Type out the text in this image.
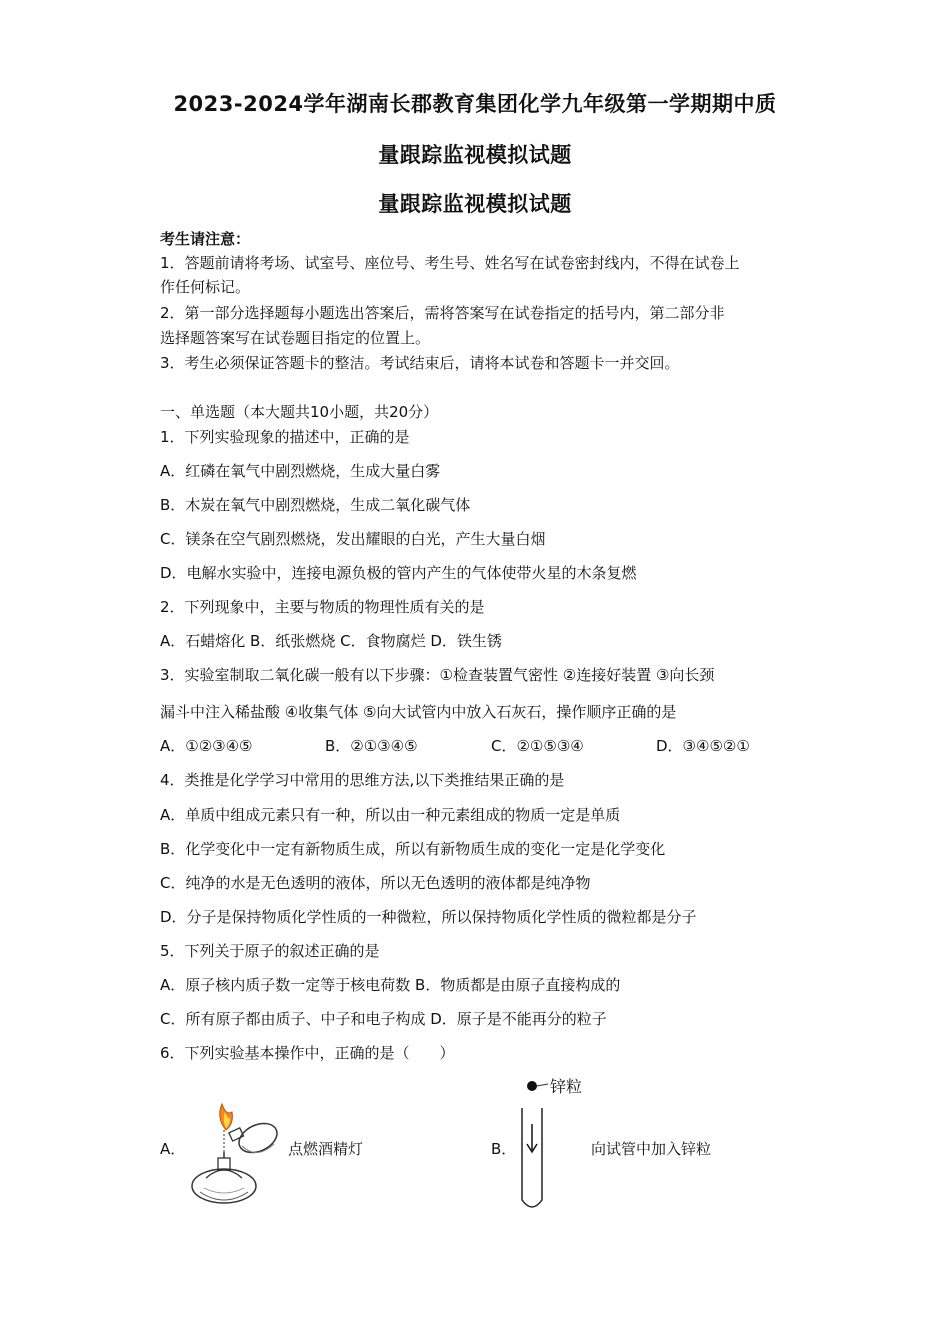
2023-2024学年湖南长郡教育集团化学九年级第一学期期中质
量跟踪监视模拟试题
量跟踪监视模拟试题
考生请注意：
1．答题前请将考场、试室号、座位号、考生号、姓名写在试卷密封线内，不得在试卷上
作任何标记。
2．第一部分选择题每小题选出答案后，需将答案写在试卷指定的括号内，第二部分非
选择题答案写在试卷题目指定的位置上。
3．考生必须保证答题卡的整洁。考试结束后，请将本试卷和答题卡一并交回。
一、单选题（本大题共10小题，共20分）
1．下列实验现象的描述中，正确的是
A．红磷在氧气中剧烈燃烧，生成大量白雾
B．木炭在氧气中剧烈燃烧，生成二氧化碳气体
C．镁条在空气剧烈燃烧，发出耀眼的白光，产生大量白烟
D．电解水实验中，连接电源负极的管内产生的气体使带火星的木条复燃
2．下列现象中，主要与物质的物理性质有关的是
A．石蜡熔化 B．纸张燃烧 C．食物腐烂 D．铁生锈
3．实验室制取二氧化碳一般有以下步骤：①检查装置气密性 ②连接好装置 ③向长颈
漏斗中注入稀盐酸 ④收集气体 ⑤向大试管内中放入石灰石，操作顺序正确的是
A．①②③④⑤	B．②①③④⑤	C．②①⑤③④	D．③④⑤②①
4．类推是化学学习中常用的思维方法,以下类推结果正确的是
A．单质中组成元素只有一种，所以由一种元素组成的物质一定是单质
B．化学变化中一定有新物质生成，所以有新物质生成的变化一定是化学变化
C．纯净的水是无色透明的液体，所以无色透明的液体都是纯净物
D．分子是保持物质化学性质的一种微粒，所以保持物质化学性质的微粒都是分子
5．下列关于原子的叙述正确的是
A．原子核内质子数一定等于核电荷数 B．物质都是由原子直接构成的
C．所有原子都由质子、中子和电子构成 D．原子是不能再分的粒子
6．下列实验基本操作中，正确的是（　　）
A．	点燃酒精灯	B．
锌粒
向试管中加入锌粒
